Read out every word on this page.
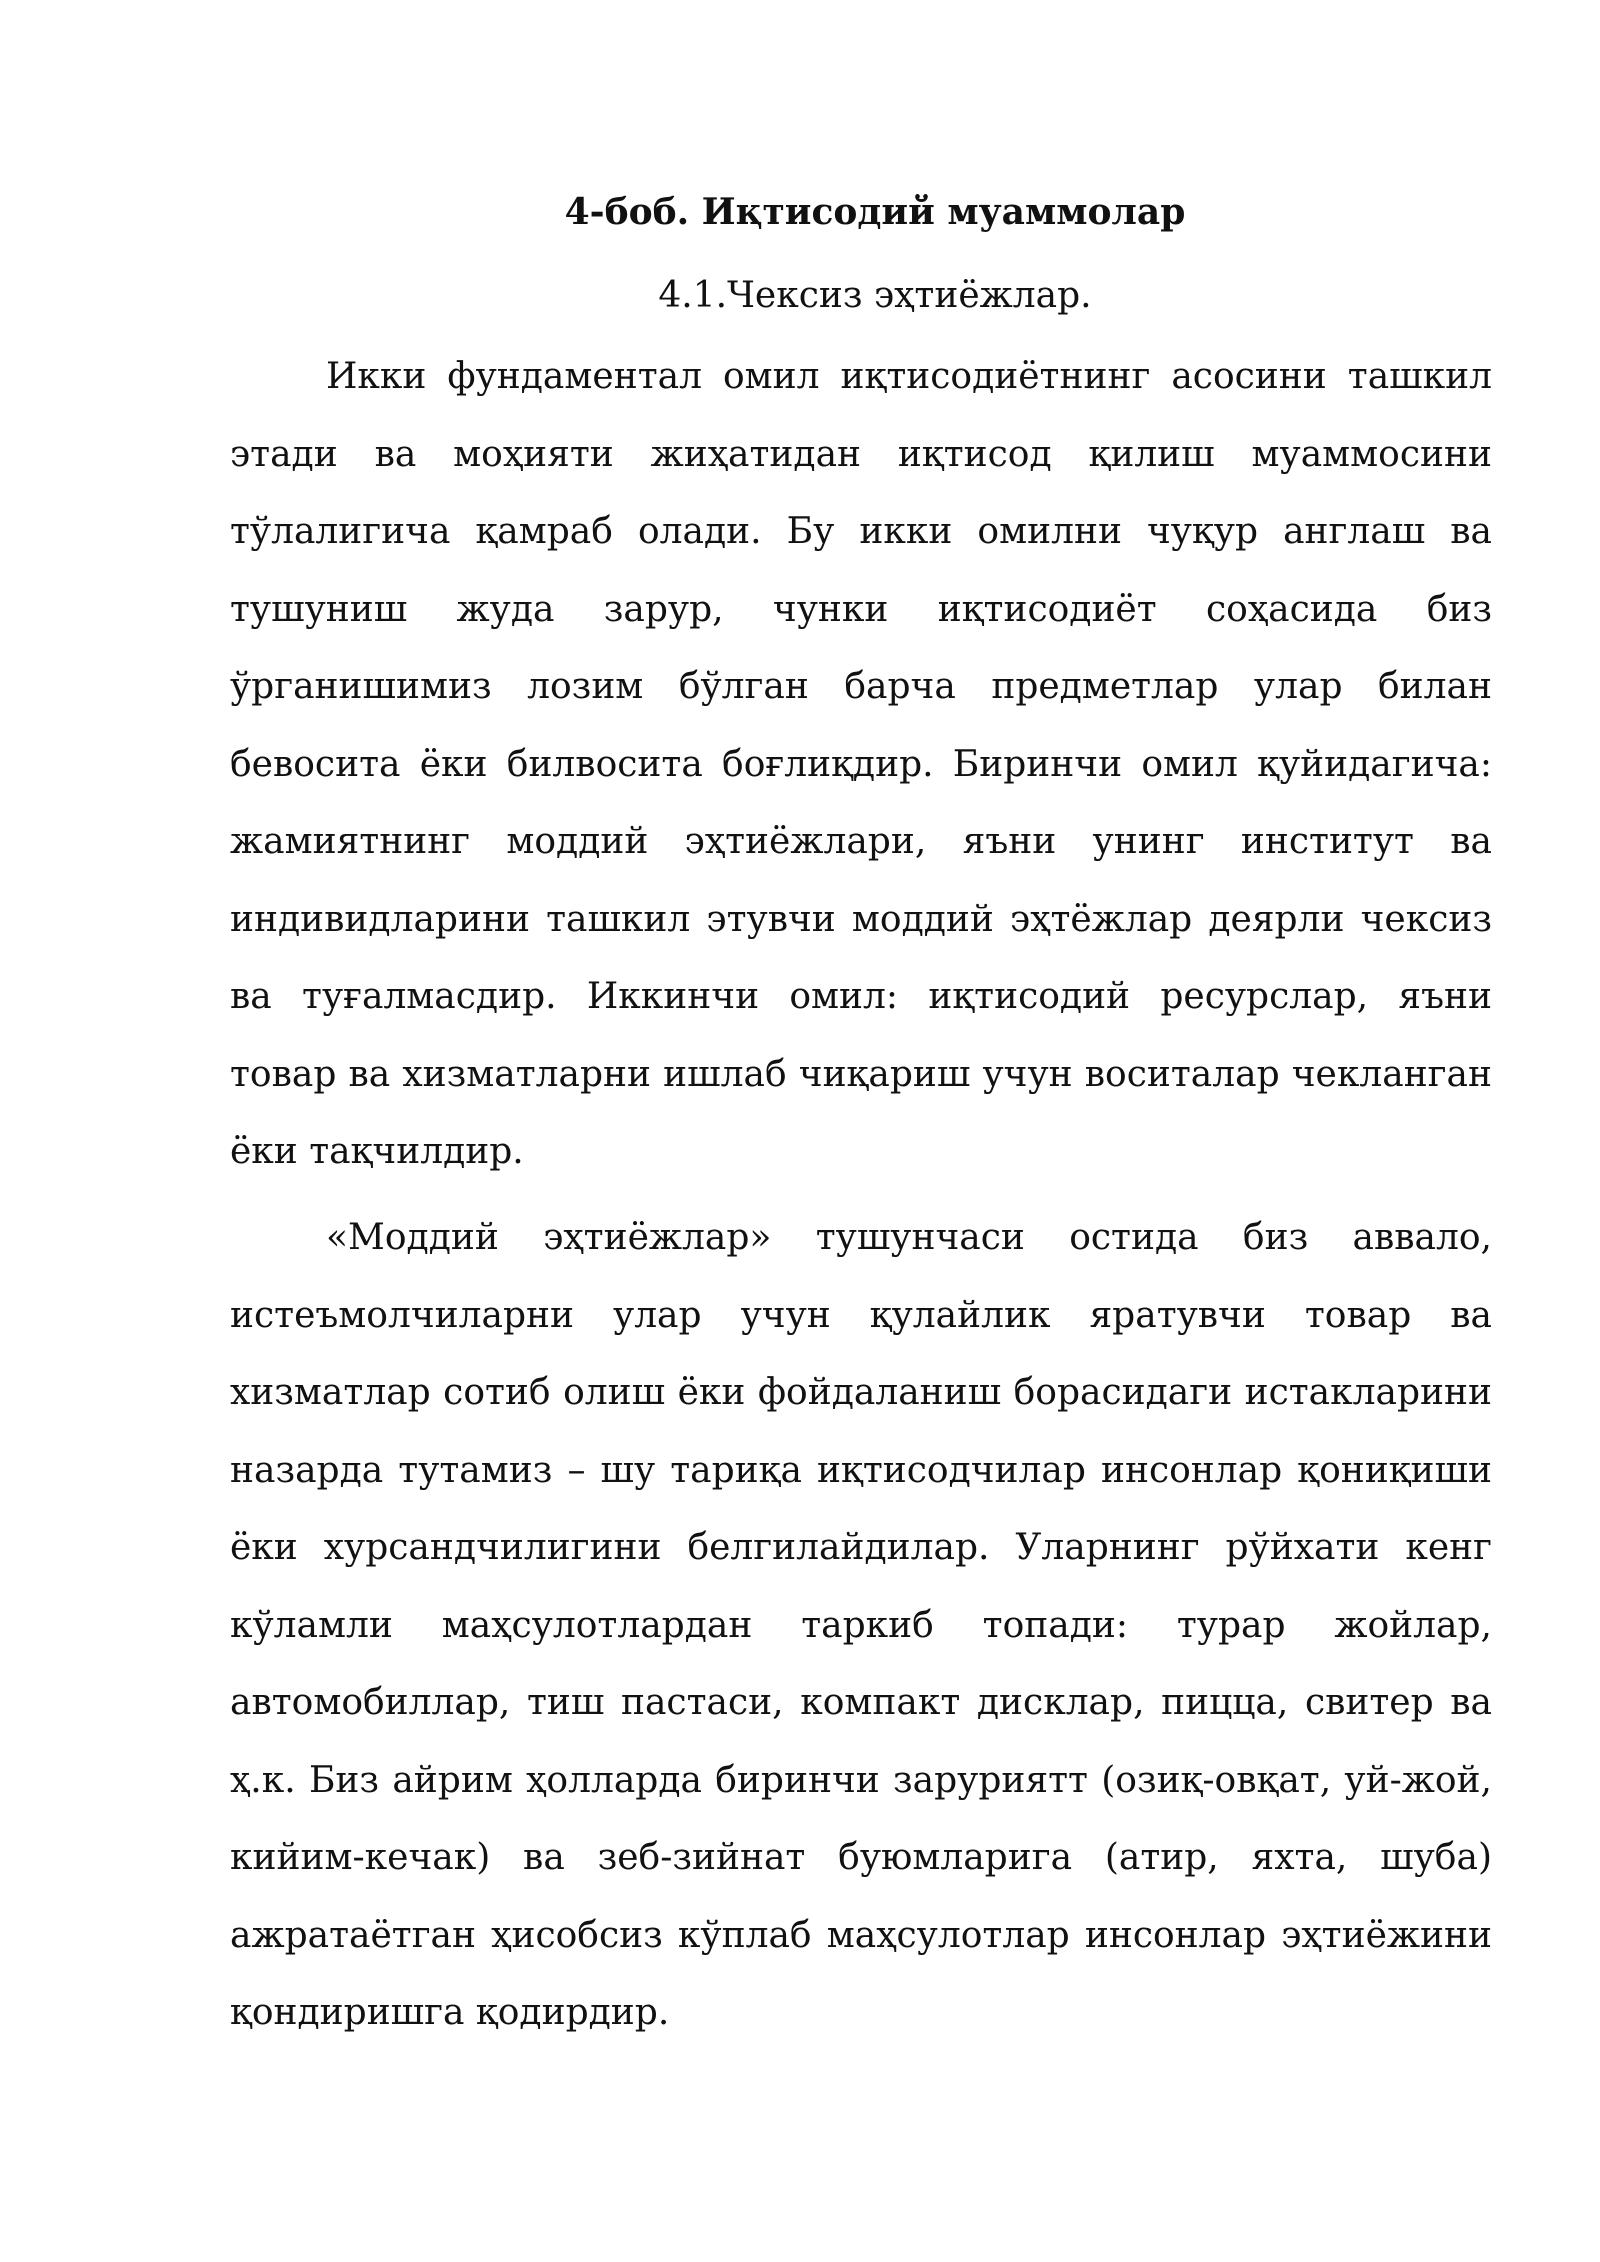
4-боб. Иқтисодий муаммолар
4.1.Чексиз эҳтиёжлар.

Икки фундаментал омил иқтисодиётнинг асосини ташкил этади ва моҳияти жиҳатидан иқтисод қилиш муаммосини тўлалигича қамраб олади. Бу икки омилни чуқур англаш ва тушуниш жуда зарур, чунки иқтисодиёт соҳасида биз ўрганишимиз лозим бўлган барча предметлар улар билан бевосита ёки билвосита боғлиқдир. Биринчи омил қуйидагича: жамиятнинг моддий эҳтиёжлари, яъни унинг институт ва индивидларини ташкил этувчи моддий эҳтёжлар деярли чексиз ва туғалмасдир. Иккинчи омил: иқтисодий ресурслар, яъни товар ва хизматларни ишлаб чиқариш учун воситалар чекланган ёки тақчилдир.

«Моддий эҳтиёжлар» тушунчаси остида биз аввало, истеъмолчиларни улар учун қулайлик яратувчи товар ва хизматлар сотиб олиш ёки фойдаланиш борасидаги истакларини назарда тутамиз – шу тариқа иқтисодчилар инсонлар қониқиши ёки хурсандчилигини белгилайдилар. Уларнинг рўйхати кенг кўламли маҳсулотлардан таркиб топади: турар жойлар, автомобиллар, тиш пастаси, компакт дисклар, пицца, свитер ва ҳ.к. Биз айрим ҳолларда биринчи заруриятт (озиқ-овқат, уй-жой, кийим-кечак) ва зеб-зийнат буюмларига (атир, яхта, шуба) ажратаётган ҳисобсиз кўплаб маҳсулотлар инсонлар эҳтиёжини қондиришга қодирдир.
